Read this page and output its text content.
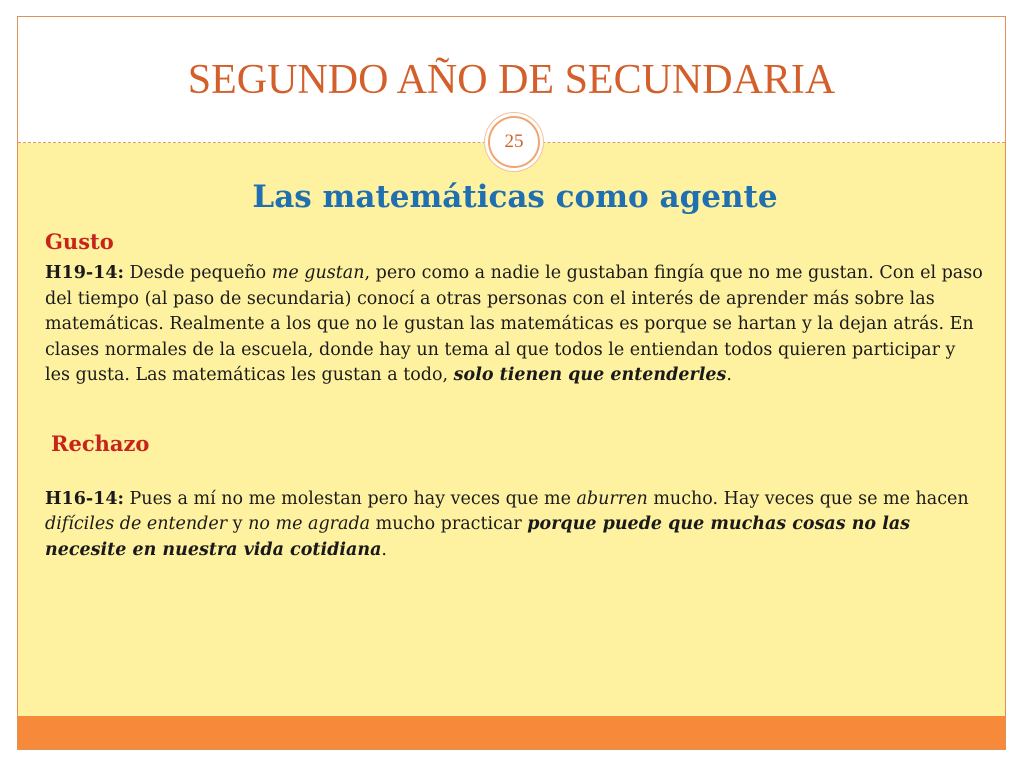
SEGUNDO AÑO DE SECUNDARIA
25
Las matemáticas como agente

Gusto

H19-14: Desde pequeño me gustan, pero como a nadie le gustaban fingía que no me gustan. Con el paso del tiempo (al paso de secundaria) conocí a otras personas con el interés de aprender más sobre las matemáticas. Realmente a los que no le gustan las matemáticas es porque se hartan y la dejan atrás. En clases normales de la escuela, donde hay un tema al que todos le entiendan todos quieren participar y les gusta. Las matemáticas les gustan a todo, solo tienen que entenderles.

Rechazo

H16-14: Pues a mí no me molestan pero hay veces que me aburren mucho. Hay veces que se me hacen difíciles de entender y no me agrada mucho practicar porque puede que muchas cosas no las necesite en nuestra vida cotidiana.
